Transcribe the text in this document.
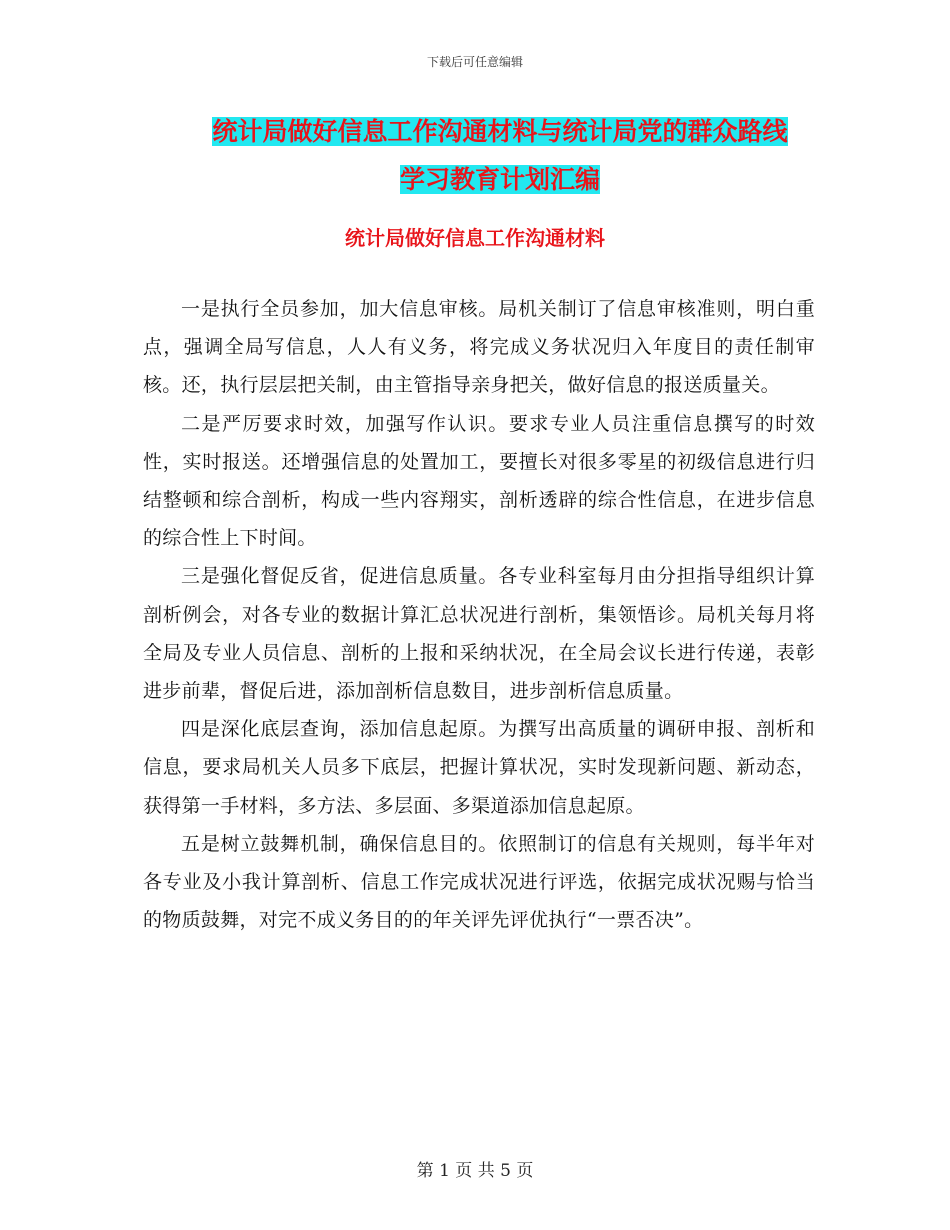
下载后可任意编辑
统计局做好信息工作沟通材料与统计局党的群众路线
学习教育计划汇编
统计局做好信息工作沟通材料

一是执行全员参加，加大信息审核。局机关制订了信息审核准则，明白重点，强调全局写信息，人人有义务，将完成义务状况归入年度目的责任制审核。还，执行层层把关制，由主管指导亲身把关，做好信息的报送质量关。

二是严厉要求时效，加强写作认识。要求专业人员注重信息撰写的时效性，实时报送。还增强信息的处置加工，要擅长对很多零星的初级信息进行归结整顿和综合剖析，构成一些内容翔实，剖析透辟的综合性信息，在进步信息的综合性上下时间。

三是强化督促反省，促进信息质量。各专业科室每月由分担指导组织计算剖析例会，对各专业的数据计算汇总状况进行剖析，集领悟诊。局机关每月将全局及专业人员信息、剖析的上报和采纳状况，在全局会议长进行传递，表彰进步前辈，督促后进，添加剖析信息数目，进步剖析信息质量。

四是深化底层查询，添加信息起原。为撰写出高质量的调研申报、剖析和信息，要求局机关人员多下底层，把握计算状况，实时发现新问题、新动态，获得第一手材料，多方法、多层面、多渠道添加信息起原。

五是树立鼓舞机制，确保信息目的。依照制订的信息有关规则，每半年对各专业及小我计算剖析、信息工作完成状况进行评选，依据完成状况赐与恰当的物质鼓舞，对完不成义务目的的年关评先评优执行“一票否决”。

第 1 页 共 5 页
